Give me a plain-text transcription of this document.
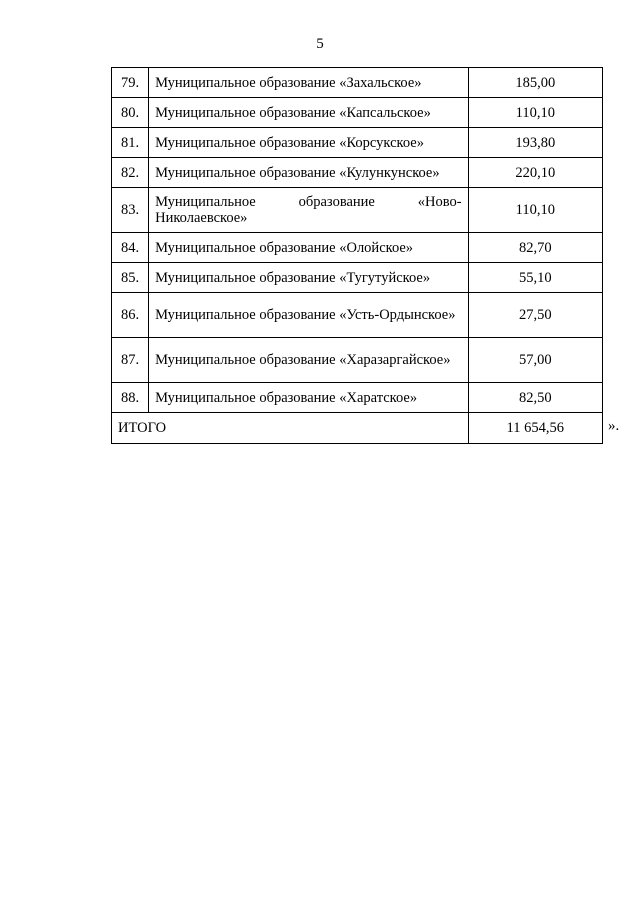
5
79.	Муниципальное образование «Захальское»	185,00
80.	Муниципальное образование «Капсальское»	110,10
81.	Муниципальное образование «Корсукское»	193,80
82.	Муниципальное образование «Кулункунское»	220,10
83.	Муниципальное образование «Ново-Николаевское»	110,10
84.	Муниципальное образование «Олойское»	82,70
85.	Муниципальное образование «Тугутуйское»	55,10
86.	Муниципальное образование «Усть-Ордынское»	27,50
87.	Муниципальное образование «Харазаргайское»	57,00
88.	Муниципальное образование «Харатское»	82,50
ИТОГО		11 654,56	».
